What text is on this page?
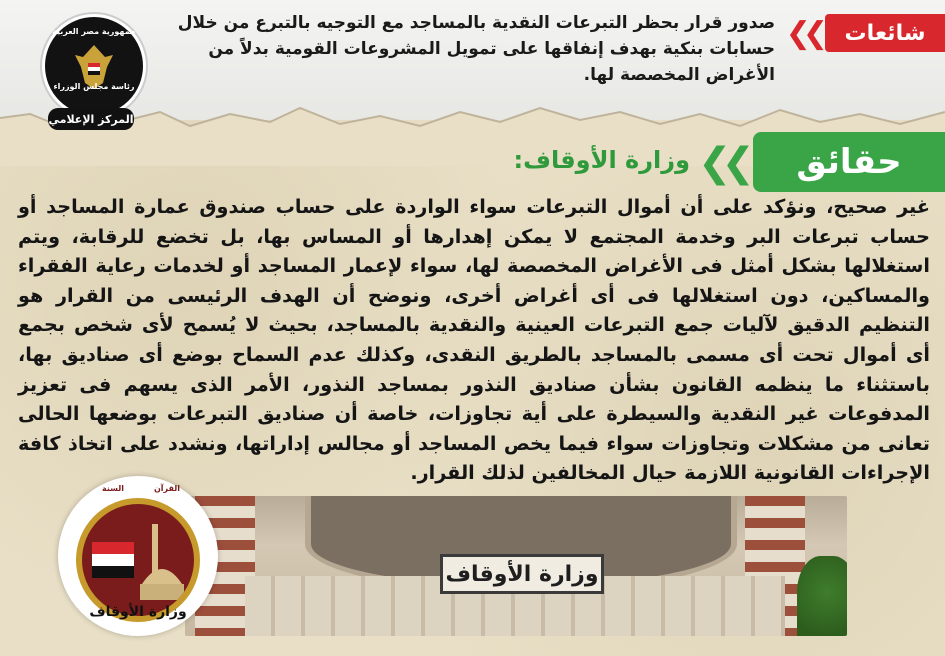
شائعات
❮❮
صدور قرار بحظر التبرعات النقدية بالمساجد مع التوجيه بالتبرع من خلال حسابات بنكية بهدف إنفاقها على تمويل المشروعات القومية بدلاً من الأغراض المخصصة لها.
جمهورية مصر العربية
رئاسة مجلس الوزراء
المركز الإعلامي
حقائق
❮❮
وزارة الأوقاف:
غير صحيح، ونؤكد على أن أموال التبرعات سواء الواردة على حساب صندوق عمارة المساجد أو حساب تبرعات البر وخدمة المجتمع لا يمكن إهدارها أو المساس بها، بل تخضع للرقابة، ويتم استغلالها بشكل أمثل فى الأغراض المخصصة لها، سواء لإعمار المساجد أو لخدمات رعاية الفقراء والمساكين، دون استغلالها فى أى أغراض أخرى، ونوضح أن الهدف الرئيسى من القرار هو التنظيم الدقيق لآليات جمع التبرعات العينية والنقدية بالمساجد، بحيث لا يُسمح لأى شخص بجمع أى أموال تحت أى مسمى بالمساجد بالطريق النقدى، وكذلك عدم السماح بوضع أى صناديق بها، باستثناء ما ينظمه القانون بشأن صناديق النذور بمساجد النذور، الأمر الذى يسهم فى تعزيز المدفوعات غير النقدية والسيطرة على أية تجاوزات، خاصة أن صناديق التبرعات بوضعها الحالى تعانى من مشكلات وتجاوزات سواء فيما يخص المساجد أو مجالس إداراتها، ونشدد على اتخاذ كافة الإجراءات القانونية اللازمة حيال المخالفين لذلك القرار.
وزارة الأوقاف
القرآن
السنة
وزارة الأوقاف
